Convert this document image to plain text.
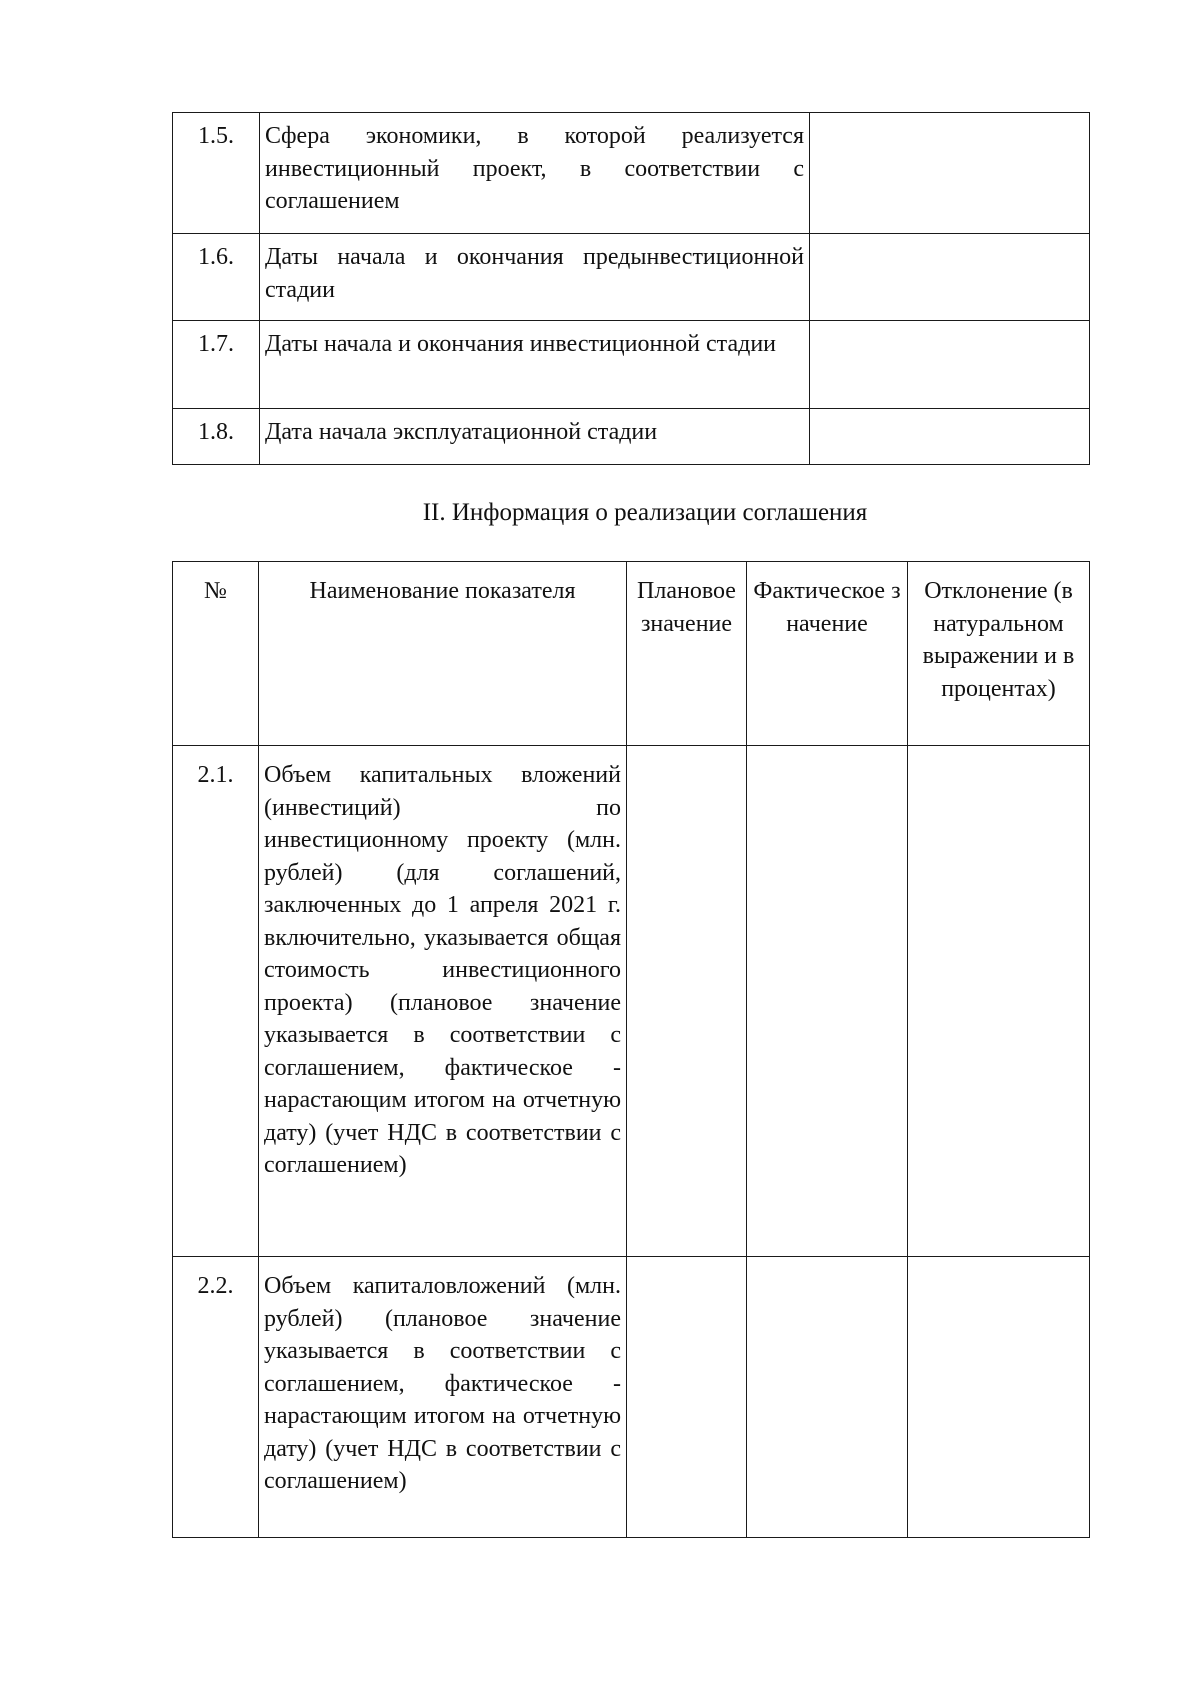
1.5.	Сфера экономики, в которой реализуется инвестиционный проект, в соответствии с соглашением	
1.6.	Даты начала и окончания предынвестиционной стадии	
1.7.	Даты начала и окончания инвестиционной стадии	
1.8.	Дата начала эксплуатационной стадии	
II. Информация о реализации соглашения
№	Наименование показателя	Плановое значение	Фактическое значение	Отклонение (в натуральном выражении и в процентах)
2.1.	Объем капитальных вложений (инвестиций) по инвестиционному проекту (млн. рублей) (для соглашений, заключенных до 1 апреля 2021 г. включительно, указывается общая стоимость инвестиционного проекта) (плановое значение указывается в соответствии с соглашением, фактическое - нарастающим итогом на отчетную дату) (учет НДС в соответствии с соглашением)			
2.2.	Объем капиталовложений (млн. рублей) (плановое значение указывается в соответствии с соглашением, фактическое - нарастающим итогом на отчетную дату) (учет НДС в соответствии с соглашением)			
